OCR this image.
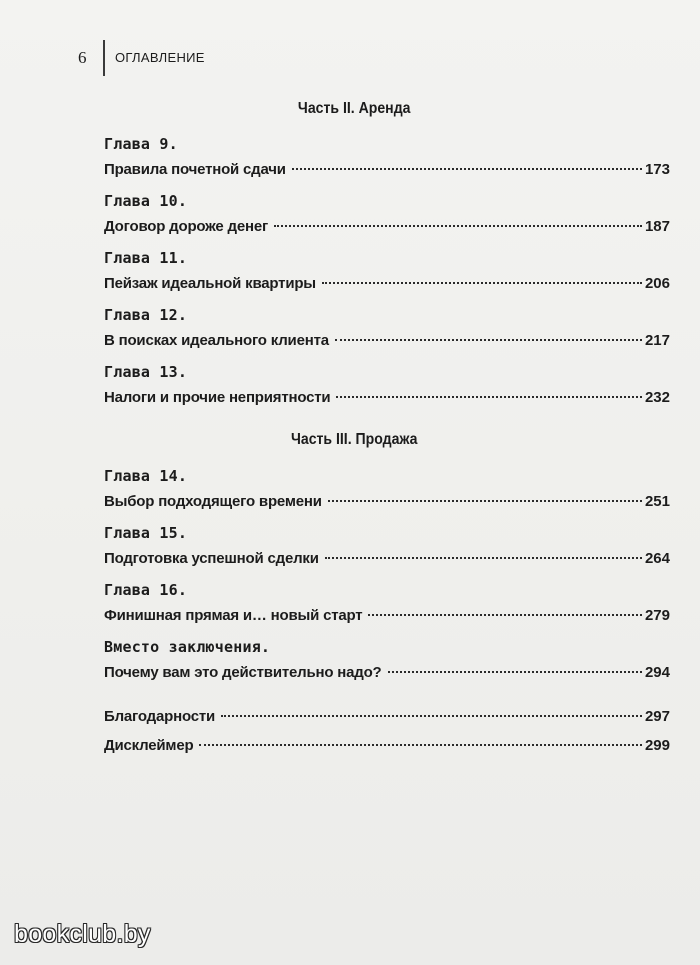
6 ОГЛАВЛЕНИЕ
Часть II. Аренда
Глава 9.
Правила почетной сдачи	173
Глава 10.
Договор дороже денег	187
Глава 11.
Пейзаж идеальной квартиры	206
Глава 12.
В поисках идеального клиента	217
Глава 13.
Налоги и прочие неприятности	232
Часть III. Продажа
Глава 14.
Выбор подходящего времени	251
Глава 15.
Подготовка успешной сделки	264
Глава 16.
Финишная прямая и… новый старт	279
Вместо заключения.
Почему вам это действительно надо?	294
Благодарности	297
Дисклеймер	299
bookclub.by
